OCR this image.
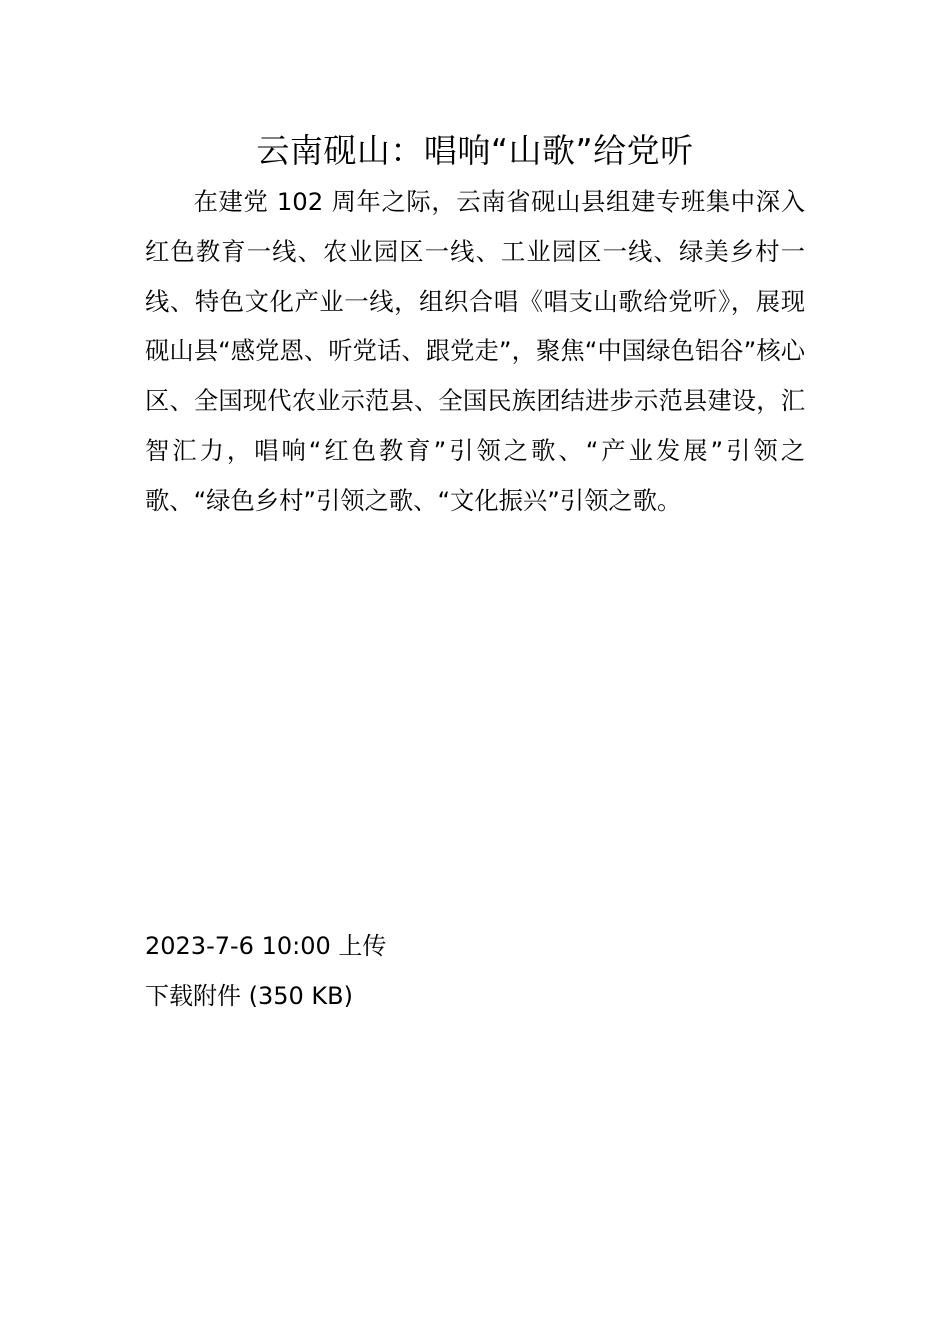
云南砚山：唱响“山歌”给党听

在建党 102 周年之际，云南省砚山县组建专班集中深入红色教育一线、农业园区一线、工业园区一线、绿美乡村一线、特色文化产业一线，组织合唱《唱支山歌给党听》，展现砚山县“感党恩、听党话、跟党走”，聚焦“中国绿色铝谷”核心区、全国现代农业示范县、全国民族团结进步示范县建设，汇智汇力，唱响“红色教育”引领之歌、“产业发展”引领之歌、“绿色乡村”引领之歌、“文化振兴”引领之歌。

2023-7-6 10:00 上传

下载附件 (350 KB)
